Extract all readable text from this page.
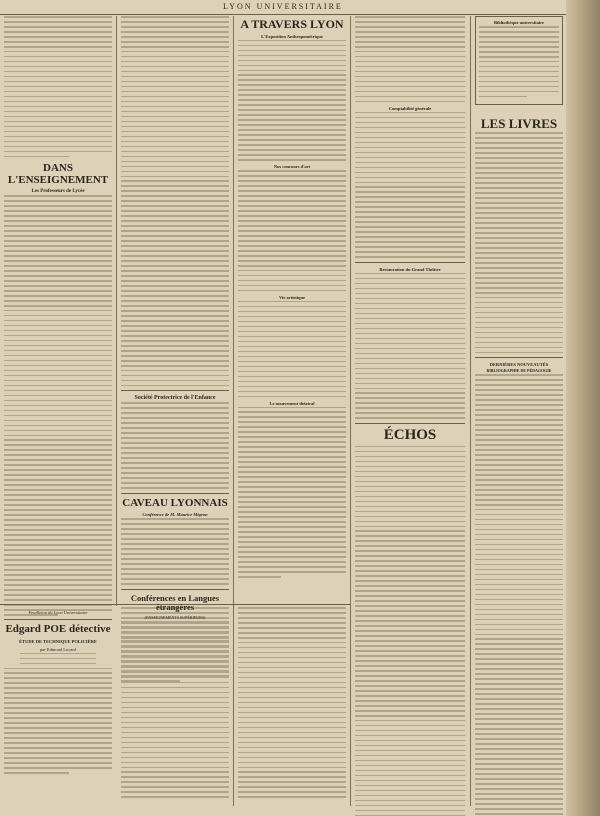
LYON UNIVERSITAIRE
DANS L'ENSEIGNEMENT
Les Professeurs de Lycée
Feuilleton du Lyon Universitaire
Edgard POE détective
ÉTUDE DE TECHNIQUE POLICIÈRE
par Edmond Locard
Société Protectrice de l'Enfance
CAVEAU LYONNAIS
Conférence de M. Maurice Migeon
Conférences en Langues étrangères
(ENSEIGNEMENTS SUPÉRIEURS)
A TRAVERS LYON
L'Exposition Anthropométrique
Nos concours d'art
Vie artistique
Le mouvement théatral
Comptabilité générale
Restauration du Grand Théâtre
ÉCHOS
Bibliothèque universitaire
LES LIVRES
DERNIÈRES NOUVEAUTÉS
BIBLIOGRAPHIE DE PÉDAGOGIE
